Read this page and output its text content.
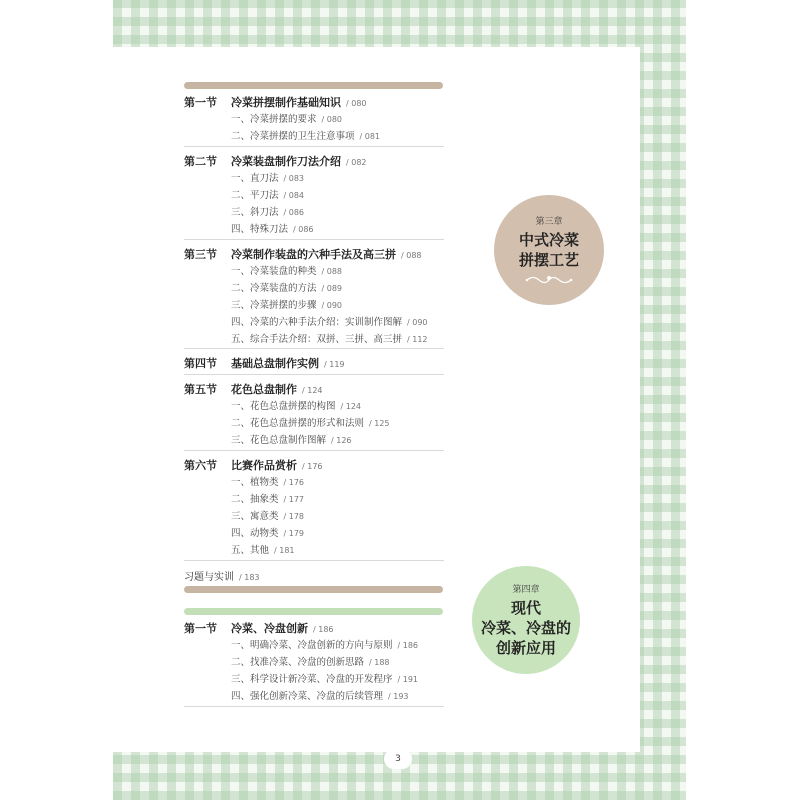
第一节 冷菜拼摆制作基础知识 / 080
一、冷菜拼摆的要求 / 080
二、冷菜拼摆的卫生注意事项 / 081
第二节 冷菜装盘制作刀法介绍 / 082
一、直刀法 / 083
二、平刀法 / 084
三、斜刀法 / 086
四、特殊刀法 / 086
第三节 冷菜制作装盘的六种手法及高三拼 / 088
一、冷菜装盘的种类 / 088
二、冷菜装盘的方法 / 089
三、冷菜拼摆的步骤 / 090
四、冷菜的六种手法介绍：实训制作图解 / 090
五、综合手法介绍：双拼、三拼、高三拼 / 112
第四节 基础总盘制作实例 / 119
第五节 花色总盘制作 / 124
一、花色总盘拼摆的构图 / 124
二、花色总盘拼摆的形式和法则 / 125
三、花色总盘制作图解 / 126
第六节 比赛作品赏析 / 176
一、植物类 / 176
二、抽象类 / 177
三、寓意类 / 178
四、动物类 / 179
五、其他 / 181
习题与实训 / 183
第一节 冷菜、冷盘创新 / 186
一、明确冷菜、冷盘创新的方向与原则 / 186
二、找准冷菜、冷盘的创新思路 / 188
三、科学设计新冷菜、冷盘的开发程序 / 191
四、强化创新冷菜、冷盘的后续管理 / 193
第三章
中式冷菜
拼摆工艺
第四章
现代
冷菜、冷盘的
创新应用
3
